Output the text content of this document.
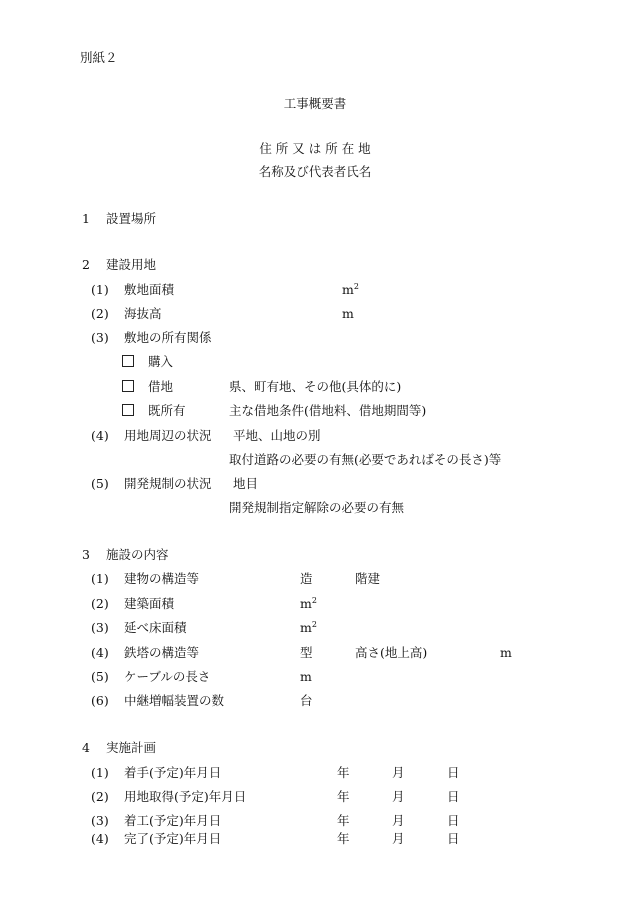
別紙２
工事概要書
住 所 又 は 所 在 地
名称及び代表者氏名
1 設置場所
2 建設用地
(1) 敷地面積	$m^2$
(2) 海抜高	m
(3) 敷地の所有関係
購入
借地	県、町有地、その他(具体的に)
既所有	主な借地条件(借地料、借地期間等)
(4) 用地周辺の状況 平地、山地の別
取付道路の必要の有無(必要であればその長さ)等
(5) 開発規制の状況 地目
開発規制指定解除の必要の有無
3 施設の内容
(1) 建物の構造等	造	階建
(2) 建築面積	$m^2$
(3) 延べ床面積	$m^2$
(4) 鉄塔の構造等	型	高さ(地上高)	m
(5) ケーブルの長さ	m
(6) 中継増幅装置の数	台
4 実施計画
(1) 着手(予定)年月日	年	月	日
(2) 用地取得(予定)年月日	年	月	日
(3) 着工(予定)年月日	年	月	日
(4) 完了(予定)年月日	年	月	日
